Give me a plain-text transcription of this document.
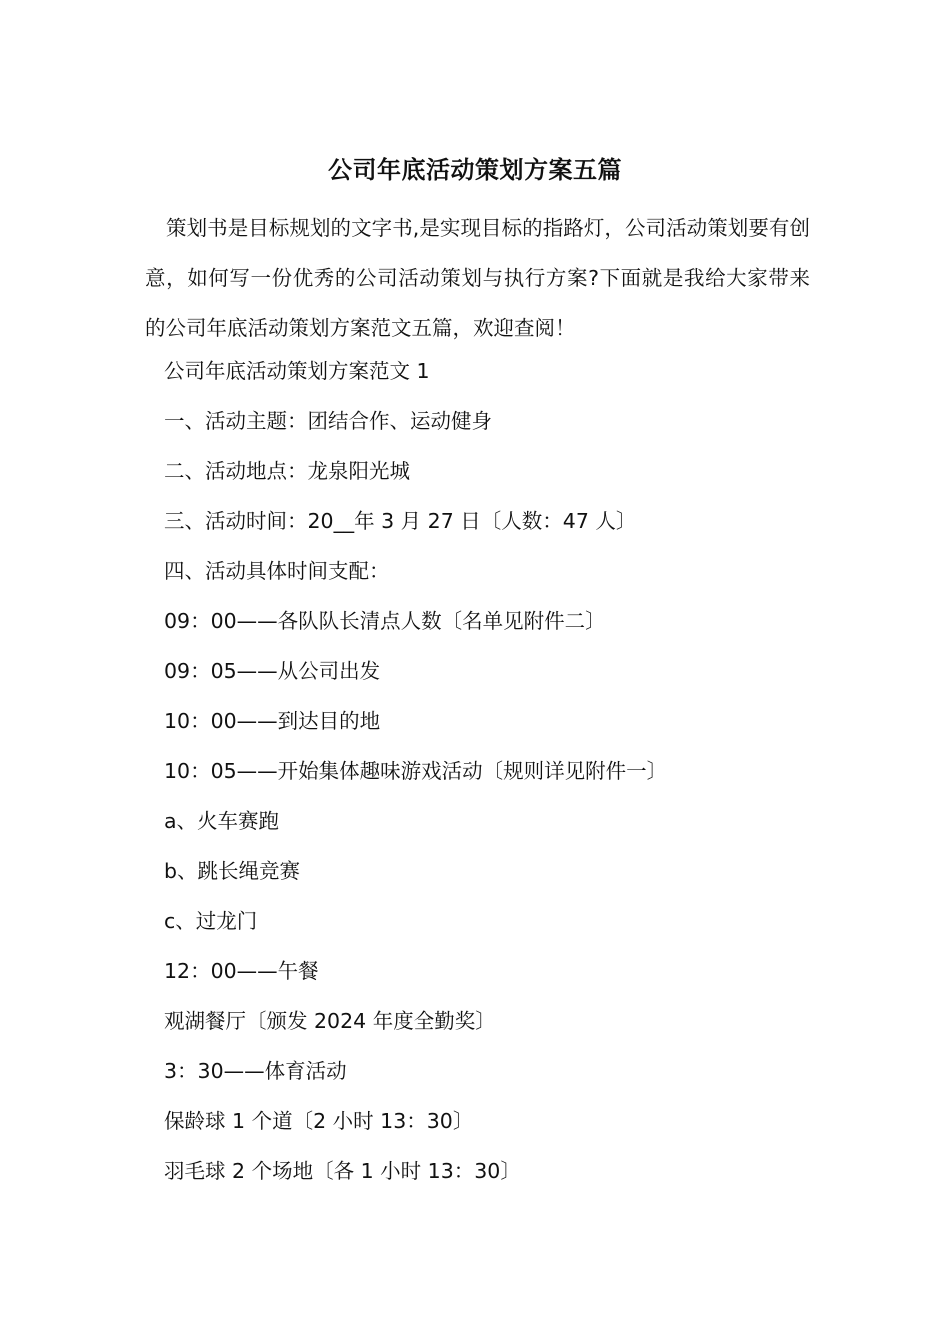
公司年底活动策划方案五篇
策划书是目标规划的文字书,是实现目标的指路灯，公司活动策划要有创意，如何写一份优秀的公司活动策划与执行方案?下面就是我给大家带来的公司年底活动策划方案范文五篇，欢迎查阅！
公司年底活动策划方案范文 1
一、活动主题：团结合作、运动健身
二、活动地点：龙泉阳光城
三、活动时间：20__年 3 月 27 日〔人数：47 人〕
四、活动具体时间支配：
09：00——各队队长清点人数〔名单见附件二〕
09：05——从公司出发
10：00——到达目的地
10：05——开始集体趣味游戏活动〔规则详见附件一〕
a、火车赛跑
b、跳长绳竞赛
c、过龙门
12：00——午餐
观湖餐厅〔颁发 2024 年度全勤奖〕
3：30——体育活动
保龄球 1 个道〔2 小时 13：30〕
羽毛球 2 个场地〔各 1 小时 13：30〕
